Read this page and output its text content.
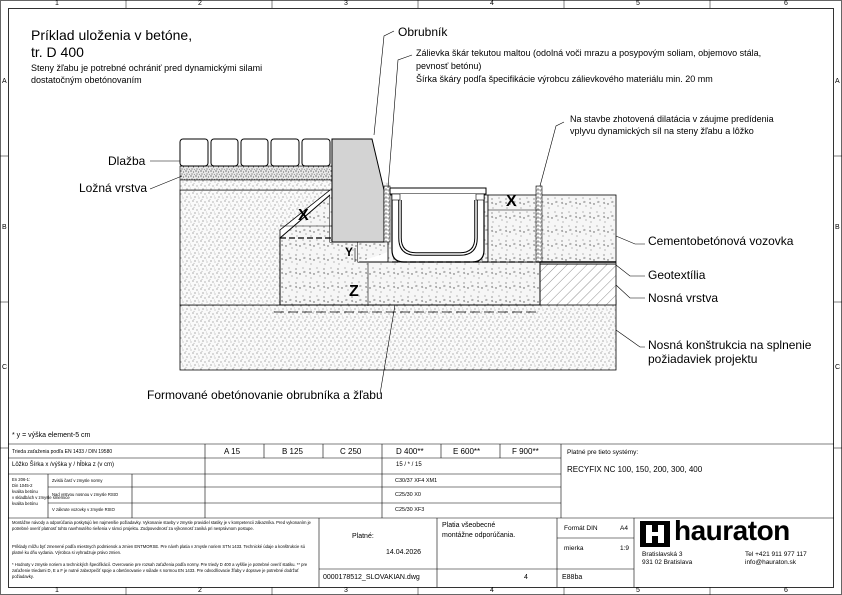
1	2	3	4	5	6
1	2	3	4	5	6
A
B
C
A
B
C
Príklad uloženia v betóne,
tr. D 400
Steny žľabu je potrebné ochrániť pred dynamickými silami
dostatočným obetónovaním
Obrubník
Zálievka škár tekutou maltou (odolná voči mrazu a posypovým soliam, objemovo stála,
pevnosť betónu)
Šírka škáry podľa špecifikácie výrobcu zálievkového materiálu min. 20 mm
Na stavbe zhotovená dilatácia v záujme predídenia
vplyvu dynamických síl na steny žľabu a lôžko
Dlažba
Ložná vrstva
Cementobetónová vozovka
Geotextília
Nosná vrstva
Nosná konštrukcia na splnenie
požiadaviek projektu
Formované obetónovanie obrubníka a žľabu
X
X
Y
Z
* y = výška element-5 cm
Trieda zaťaženia podľa EN 1433 / DIN 19580	A 15	B 125	C 250	D 400**	E 600**	F 900**
Lôžko Šírka x /výška y / hĺbka z (v cm)	15 / * / 15
En 206-1:
Din 1045-2
kvalita betónu
Zvislá časť v zmysle normy	C30/37 XF4 XM1
v skladbách v zmysle smernice
kvalita betónu
Nad vrstvou nosnou v zmysle RStO	C25/30 X0
V zákrute vozovky v zmysle RStO	C25/30 XF3
Platné pre tieto systémy:
RECYFIX NC 100, 150, 200, 300, 400
Montážne návody a odporúčania poskytujú len najmenšie požiadavky. Vykonanie stavby v zmysle pravidiel statiky je v kompetencii zákazníka. Pred vykonaním je potrebné overiť platnosť tohto navrhnutého riešenia v rámci projektu. Zodpovednosť za výkonnosť zaniká pri nesprávnom postupe.
Príklady môžu byť zmenené podľa miestnych podmienok a zmien ENTMORSE. Pre návrh platia v zmysle noriem STN 1433. Technické údaje a konštrukcie sú platné ku dňu vydania. Výrobca si vyhradzuje právo zmien.
* Hodnoty v zmysle noriem a technických špecifikácií. Overovanie pre rozsah zaťaženia podľa normy. Pre triedy D 400 a vyššie je potrebné overiť statiku. ** pre zaťaženie triedami D, E a F je nutné zabezpečiť spoje a obetónovanie v súlade s normou EN 1433. Pre odvodňovacie žľaby v doprave je potrebné dodržať požiadavky.
Platné:
14.04.2026
Platia všeobecné
montážne odporúčania.
Formát DIN	A4
mierka	1:9
0000178512_SLOVAKIAN.dwg	4	E88ba
hauraton
Bratislavská 3
931 02 Bratislava
Tel +421 911 977 117
info@hauraton.sk
